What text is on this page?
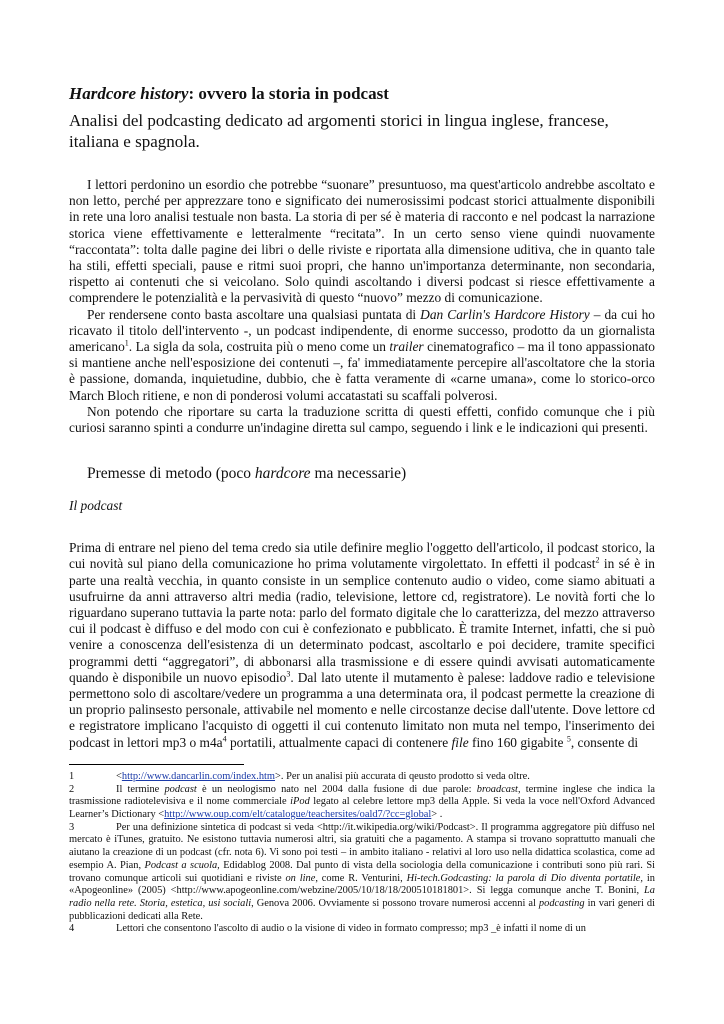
Hardcore history: ovvero la storia in podcast
Analisi del podcasting dedicato ad argomenti storici in lingua inglese, francese, italiana e spagnola.

I lettori perdonino un esordio che potrebbe “suonare” presuntuoso, ma quest'articolo andrebbe ascoltato e non letto, perché per apprezzare tono e significato dei numerosissimi podcast storici attualmente disponibili in rete una loro analisi testuale non basta. La storia di per sé è materia di racconto e nel podcast la narrazione storica viene effettivamente e letteralmente “recitata”. In un certo senso viene quindi nuovamente “raccontata”: tolta dalle pagine dei libri o delle riviste e riportata alla dimensione uditiva, che in quanto tale ha stili, effetti speciali, pause e ritmi suoi propri, che hanno un'importanza determinante, non secondaria, rispetto ai contenuti che si veicolano. Solo quindi ascoltando i diversi podcast si riesce effettivamente a comprendere le potenzialità e la pervasività di questo “nuovo” mezzo di comunicazione.

Per rendersene conto basta ascoltare una qualsiasi puntata di Dan Carlin's Hardcore History – da cui ho ricavato il titolo dell'intervento -, un podcast indipendente, di enorme successo, prodotto da un giornalista americano$^1$. La sigla da sola, costruita più o meno come un trailer cinematografico – ma il tono appassionato si mantiene anche nell'esposizione dei contenuti –, fa' immediatamente percepire all'ascoltatore che la storia è passione, domanda, inquietudine, dubbio, che è fatta veramente di «carne umana», come lo storico-orco March Bloch ritiene, e non di ponderosi volumi accatastati su scaffali polverosi.

Non potendo che riportare su carta la traduzione scritta di questi effetti, confido comunque che i più curiosi saranno spinti a condurre un'indagine diretta sul campo, seguendo i link e le indicazioni qui presenti.

Premesse di metodo (poco hardcore ma necessarie)
Il podcast

Prima di entrare nel pieno del tema credo sia utile definire meglio l'oggetto dell'articolo, il podcast storico, la cui novità sul piano della comunicazione ho prima volutamente virgolettato. In effetti il podcast$^2$ in sé è in parte una realtà vecchia, in quanto consiste in un semplice contenuto audio o video, come siamo abituati a usufruirne da anni attraverso altri media (radio, televisione, lettore cd, registratore). Le novità forti che lo riguardano superano tuttavia la parte nota: parlo del formato digitale che lo caratterizza, del mezzo attraverso cui il podcast è diffuso e del modo con cui è confezionato e pubblicato. È tramite Internet, infatti, che si può venire a conoscenza dell'esistenza di un determinato podcast, ascoltarlo e poi decidere, tramite specifici programmi detti “aggregatori”, di abbonarsi alla trasmissione e di essere quindi avvisati automaticamente quando è disponibile un nuovo episodio$^3$. Dal lato utente il mutamento è palese: laddove radio e televisione permettono solo di ascoltare/vedere un programma a una determinata ora, il podcast permette la creazione di un proprio palinsesto personale, attivabile nel momento e nelle circostanze decise dall'utente. Dove lettore cd e registratore implicano l'acquisto di oggetti il cui contenuto limitato non muta nel tempo, l'inserimento dei podcast in lettori mp3 o $m4a^4$ portatili, attualmente capaci di contenere file fino 160 gigabite $^5$, consente di

1	<http://www.dancarlin.com/index.htm>. Per un analisi più accurata di qeusto prodotto si veda oltre.

2	Il termine podcast è un neologismo nato nel 2004 dalla fusione di due parole: broadcast, termine inglese che indica la trasmissione radiotelevisiva e il nome commerciale iPod legato al celebre lettore mp3 della Apple. Si veda la voce nell'Oxford Advanced Learner’s Dictionary <http://www.oup.com/elt/catalogue/teachersites/oald7/?cc=global> .

3	Per una definizione sintetica di podcast si veda <http://it.wikipedia.org/wiki/Podcast>. Il programma aggregatore più diffuso nel mercato è iTunes, gratuito. Ne esistono tuttavia numerosi altri, sia gratuiti che a pagamento. A stampa si trovano soprattutto manuali che aiutano la creazione di un podcast (cfr. nota 6). Vi sono poi testi – in ambito italiano - relativi al loro uso nella didattica scolastica, come ad esempio A. Pian, Podcast a scuola, Edidablog 2008. Dal punto di vista della sociologia della comunicazione i contributi sono più rari. Si trovano comunque articoli sui quotidiani e riviste on line, come R. Venturini, Hi-tech.Godcasting: la parola di Dio diventa portatile, in «Apogeonline» (2005) <http://www.apogeonline.com/webzine/2005/10/18/18/200510181801>. Si legga comunque anche T. Bonini, La radio nella rete. Storia, estetica, usi sociali, Genova 2006. Ovviamente si possono trovare numerosi accenni al podcasting in vari generi di pubblicazioni dedicati alla Rete.

4	Lettori che consentono l'ascolto di audio o la visione di video in formato compresso; mp3 _è infatti il nome di un
